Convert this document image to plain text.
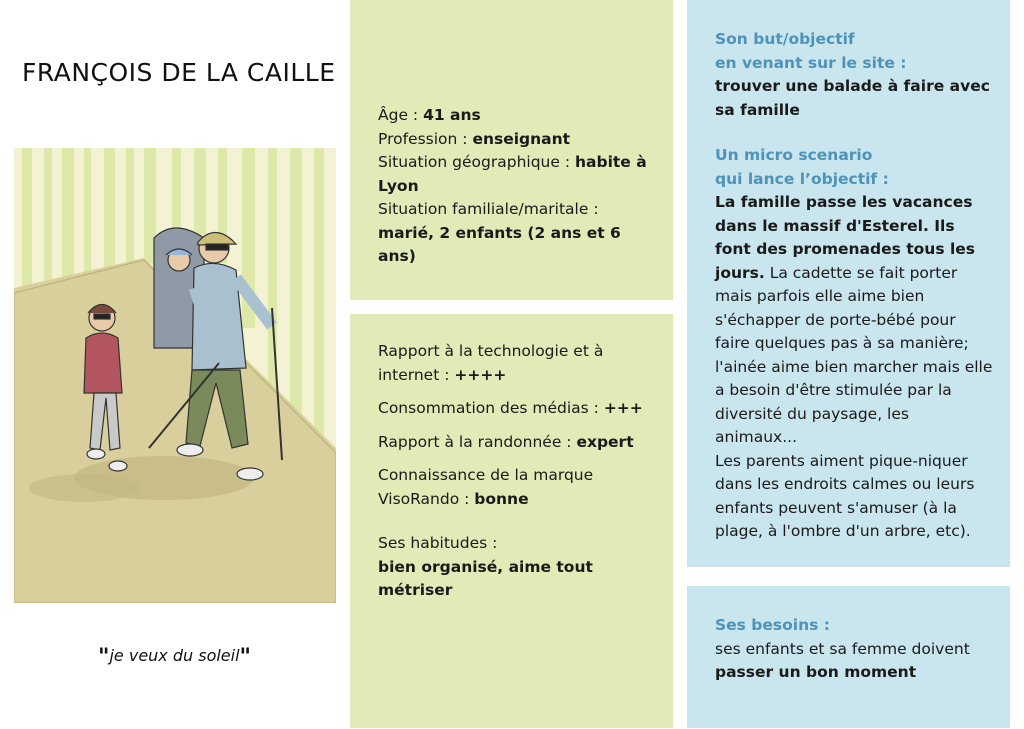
FRANÇOIS DE LA CAILLE
"je veux du soleil"
Âge : 41 ans
Profession : enseignant
Situation géographique : habite à Lyon
Situation familiale/maritale : marié, 2 enfants (2 ans et 6 ans)
Rapport à la technologie et à internet : ++++
Consommation des médias : +++
Rapport à la randonnée : expert
Connaissance de la marque VisoRando : bonne
Ses habitudes :
bien organisé, aime tout métriser
Son but/objectif
en venant sur le site :
trouver une balade à faire avec sa famille
Un micro scenario
qui lance l’objectif :
La famille passe les vacances dans le massif d'Esterel. Ils font des promenades tous les jours. La cadette se fait porter mais parfois elle aime bien s'échapper de porte-bébé pour faire quelques pas à sa manière; l'ainée aime bien marcher mais elle a besoin d'être stimulée par la diversité du paysage, les animaux...
Les parents aiment pique-niquer dans les endroits calmes ou leurs enfants peuvent s'amuser (à la plage, à l'ombre d'un arbre, etc).
Ses besoins :
ses enfants et sa femme doivent
passer un bon moment
